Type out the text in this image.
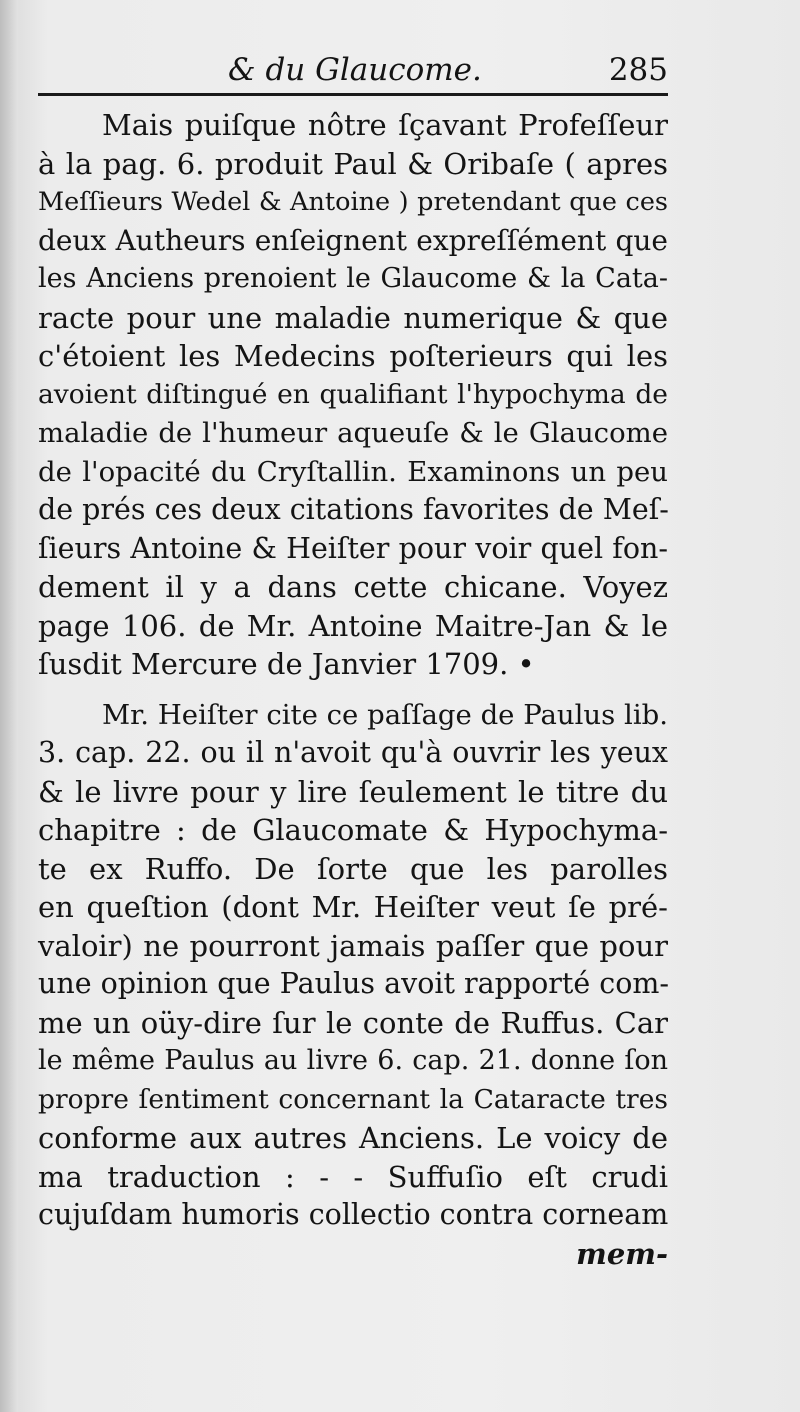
& du Glaucome.	285
Mais puiſque nôtre ſçavant Profeſſeur
à la pag. 6. produit Paul & Oribaſe ( apres
Meſſieurs Wedel & Antoine ) pretendant que ces
deux Autheurs enſeignent expreſſément que
les Anciens prenoient le Glaucome & la Cata-
racte pour une maladie numerique & que
c'étoient les Medecins poſterieurs qui les
avoient diſtingué en qualifiant l'hypochyma de
maladie de l'humeur aqueuſe & le Glaucome
de l'opacité du Cryſtallin. Examinons un peu
de prés ces deux citations favorites de Meſ-
ſieurs Antoine & Heiſter pour voir quel fon-
dement il y a dans cette chicane. Voyez
page 106. de Mr. Antoine Maitre-Jan & le
ſusdit Mercure de Janvier 1709. •
Mr. Heiſter cite ce paſſage de Paulus lib.
3. cap. 22. ou il n'avoit qu'à ouvrir les yeux
& le livre pour y lire ſeulement le titre du
chapitre : de Glaucomate & Hypochyma-
te ex Ruffo. De ſorte que les parolles
en queſtion (dont Mr. Heiſter veut ſe pré-
valoir) ne pourront jamais paſſer que pour
une opinion que Paulus avoit rapporté com-
me un oüy-dire ſur le conte de Ruffus. Car
le même Paulus au livre 6. cap. 21. donne ſon
propre ſentiment concernant la Cataracte tres
conforme aux autres Anciens. Le voicy de
ma traduction : - - Suffuſio eſt crudi
cujuſdam humoris collectio contra corneam
mem-
